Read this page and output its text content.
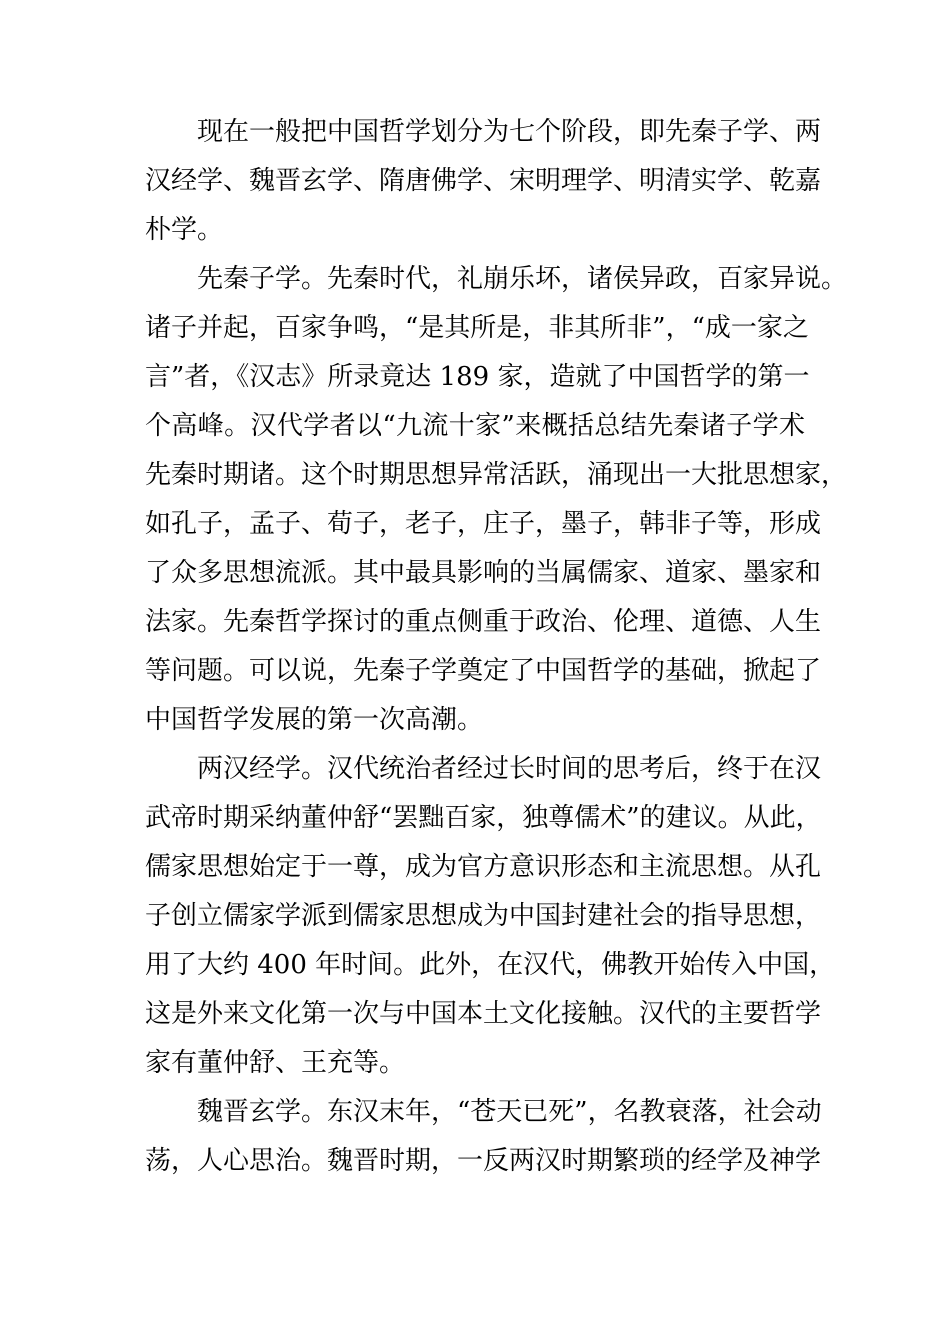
现在一般把中国哲学划分为七个阶段，即先秦子学、两
汉经学、魏晋玄学、隋唐佛学、宋明理学、明清实学、乾嘉
朴学。
先秦子学。先秦时代，礼崩乐坏，诸侯异政，百家异说。
诸子并起，百家争鸣，“是其所是，非其所非”，“成一家之
言”者，《汉志》所录竟达 189 家，造就了中国哲学的第一
个高峰。汉代学者以“九流十家”来概括总结先秦诸子学术
先秦时期诸。这个时期思想异常活跃，涌现出一大批思想家，
如孔子，孟子、荀子，老子，庄子，墨子，韩非子等，形成
了众多思想流派。其中最具影响的当属儒家、道家、墨家和
法家。先秦哲学探讨的重点侧重于政治、伦理、道德、人生
等问题。可以说，先秦子学奠定了中国哲学的基础，掀起了
中国哲学发展的第一次高潮。
两汉经学。汉代统治者经过长时间的思考后，终于在汉
武帝时期采纳董仲舒“罢黜百家，独尊儒术”的建议。从此，
儒家思想始定于一尊，成为官方意识形态和主流思想。从孔
子创立儒家学派到儒家思想成为中国封建社会的指导思想，
用了大约 400 年时间。此外，在汉代，佛教开始传入中国，
这是外来文化第一次与中国本土文化接触。汉代的主要哲学
家有董仲舒、王充等。
魏晋玄学。东汉末年，“苍天已死”，名教衰落，社会动
荡，人心思治。魏晋时期，一反两汉时期繁琐的经学及神学
